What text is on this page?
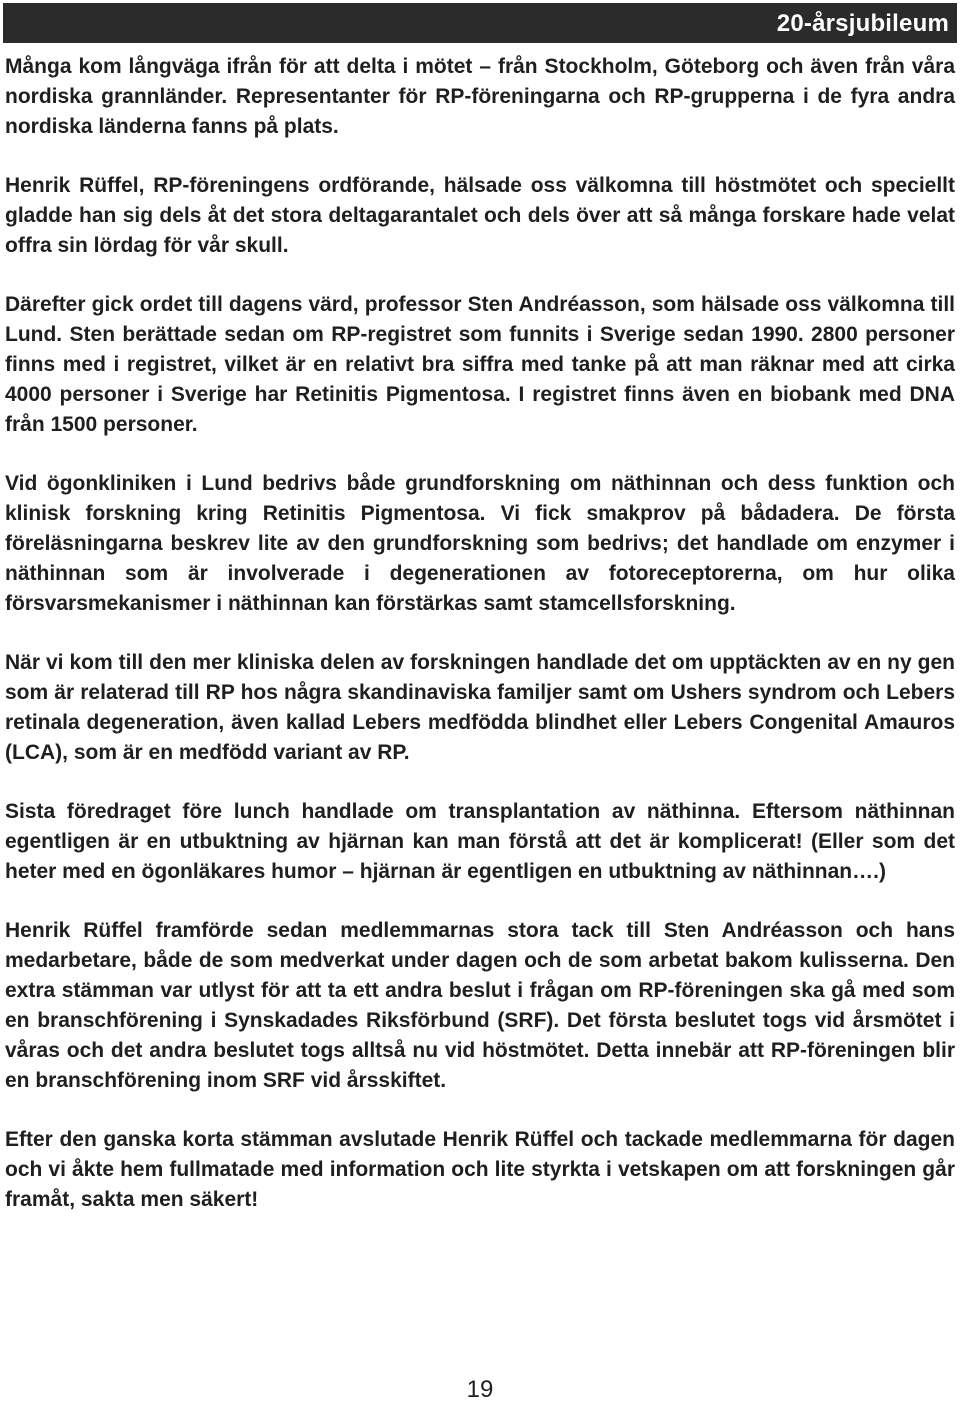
20-årsjubileum

Många kom långväga ifrån för att delta i mötet – från Stockholm, Göteborg och även från våra nordiska grannländer. Representanter för RP-föreningarna och RP-grupperna i de fyra andra nordiska länderna fanns på plats.

Henrik Rüffel, RP-föreningens ordförande, hälsade oss välkomna till höstmötet och speciellt gladde han sig dels åt det stora deltagarantalet och dels över att så många forskare hade velat offra sin lördag för vår skull.

Därefter gick ordet till dagens värd, professor Sten Andréasson, som hälsade oss välkomna till Lund. Sten berättade sedan om RP-registret som funnits i Sverige sedan 1990. 2800 personer finns med i registret, vilket är en relativt bra siffra med tanke på att man räknar med att cirka 4000 personer i Sverige har Retinitis Pigmentosa. I registret finns även en biobank med DNA från 1500 personer.

Vid ögonkliniken i Lund bedrivs både grundforskning om näthinnan och dess funktion och klinisk forskning kring Retinitis Pigmentosa. Vi fick smakprov på bådadera. De första föreläsningarna beskrev lite av den grundforskning som bedrivs; det handlade om enzymer i näthinnan som är involverade i degenerationen av fotoreceptorerna, om hur olika försvarsmekanismer i näthinnan kan förstärkas samt stamcellsforskning.

När vi kom till den mer kliniska delen av forskningen handlade det om upptäckten av en ny gen som är relaterad till RP hos några skandinaviska familjer samt om Ushers syndrom och Lebers retinala degeneration, även kallad Lebers medfödda blindhet eller Lebers Congenital Amauros (LCA), som är en medfödd variant av RP.

Sista föredraget före lunch handlade om transplantation av näthinna. Eftersom näthinnan egentligen är en utbuktning av hjärnan kan man förstå att det är komplicerat! (Eller som det heter med en ögonläkares humor – hjärnan är egentligen en utbuktning av näthinnan….)

Henrik Rüffel framförde sedan medlemmarnas stora tack till Sten Andréasson och hans medarbetare, både de som medverkat under dagen och de som arbetat bakom kulisserna. Den extra stämman var utlyst för att ta ett andra beslut i frågan om RP-föreningen ska gå med som en branschförening i Synskadades Riksförbund (SRF). Det första beslutet togs vid årsmötet i våras och det andra beslutet togs alltså nu vid höstmötet. Detta innebär att RP-föreningen blir en branschförening inom SRF vid årsskiftet.

Efter den ganska korta stämman avslutade Henrik Rüffel och tackade medlemmarna för dagen och vi åkte hem fullmatade med information och lite styrkta i vetskapen om att forskningen går framåt, sakta men säkert!

19
